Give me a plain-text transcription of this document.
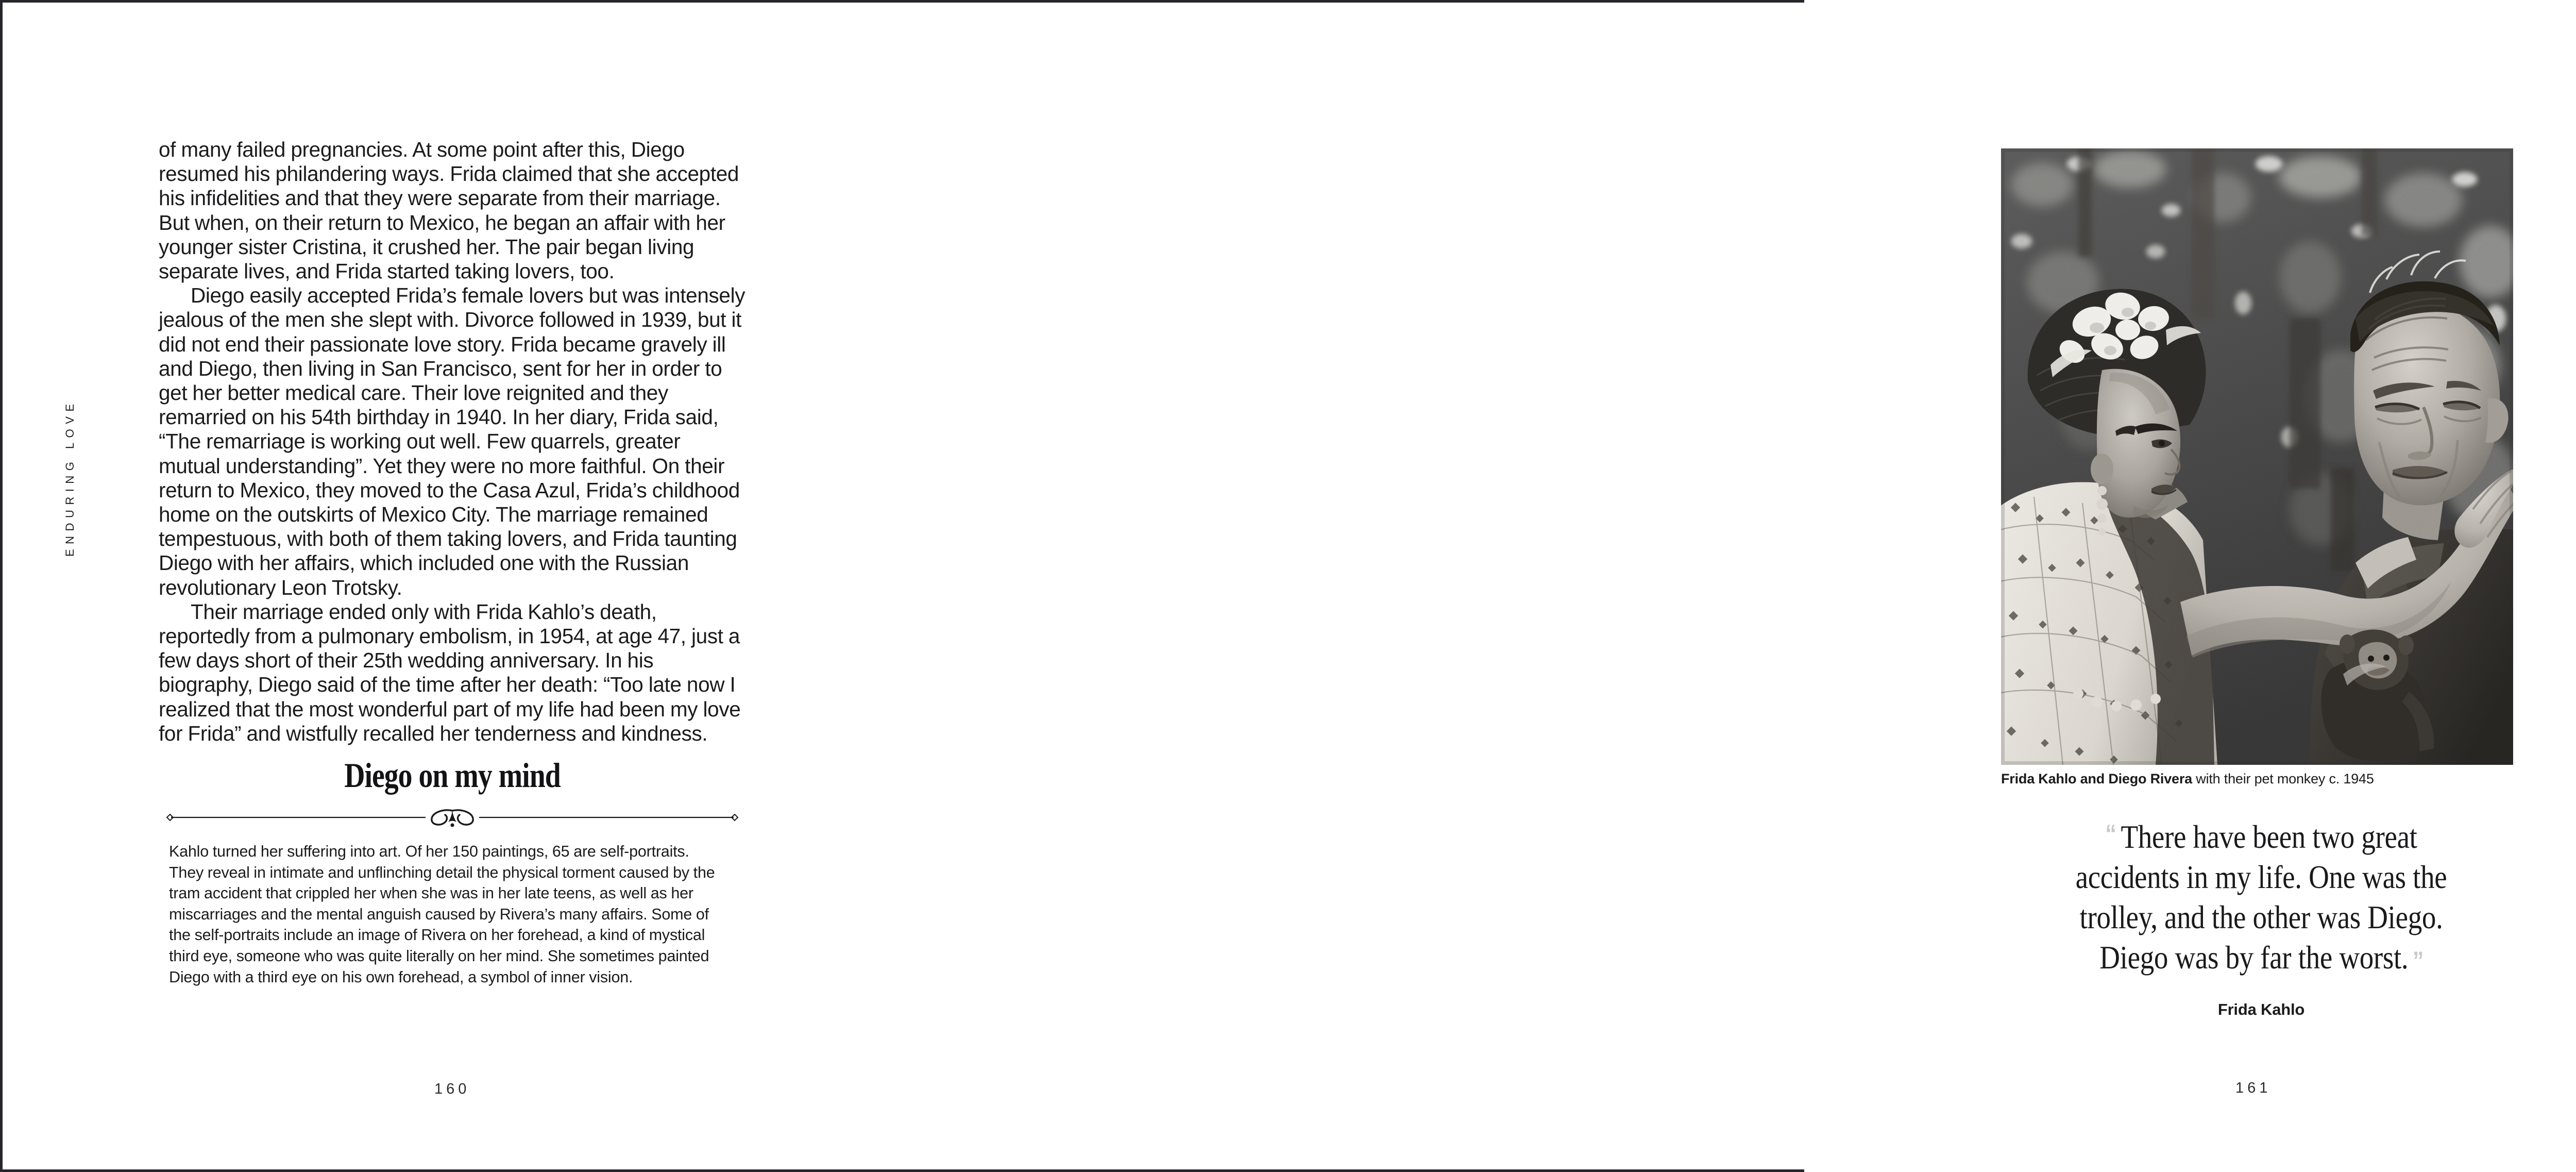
ENDURING LOVE

of many failed pregnancies. At some point after this, Diego resumed his philandering ways. Frida claimed that she accepted his infidelities and that they were separate from their marriage. But when, on their return to Mexico, he began an affair with her younger sister Cristina, it crushed her. The pair began living separate lives, and Frida started taking lovers, too.

Diego easily accepted Frida’s female lovers but was intensely jealous of the men she slept with. Divorce followed in 1939, but it did not end their passionate love story. Frida became gravely ill and Diego, then living in San Francisco, sent for her in order to get her better medical care. Their love reignited and they remarried on his 54th birthday in 1940. In her diary, Frida said, “The remarriage is working out well. Few quarrels, greater mutual understanding”. Yet they were no more faithful. On their return to Mexico, they moved to the Casa Azul, Frida’s childhood home on the outskirts of Mexico City. The marriage remained tempestuous, with both of them taking lovers, and Frida taunting Diego with her affairs, which included one with the Russian revolutionary Leon Trotsky.

Their marriage ended only with Frida Kahlo’s death, reportedly from a pulmonary embolism, in 1954, at age 47, just a few days short of their 25th wedding anniversary. In his biography, Diego said of the time after her death: “Too late now I realized that the most wonderful part of my life had been my love for Frida” and wistfully recalled her tenderness and kindness.

Diego on my mind

Kahlo turned her suffering into art. Of her 150 paintings, 65 are self-portraits. They reveal in intimate and unflinching detail the physical torment caused by the tram accident that crippled her when she was in her late teens, as well as her miscarriages and the mental anguish caused by Rivera’s many affairs. Some of the self-portraits include an image of Rivera on her forehead, a kind of mystical third eye, someone who was quite literally on her mind. She sometimes painted Diego with a third eye on his own forehead, a symbol of inner vision.

160
Frida Kahlo and Diego Rivera with their pet monkey c. 1945
“ There have been two great
accidents in my life. One was the
trolley, and the other was Diego.
Diego was by far the worst. ”
Frida Kahlo
161
